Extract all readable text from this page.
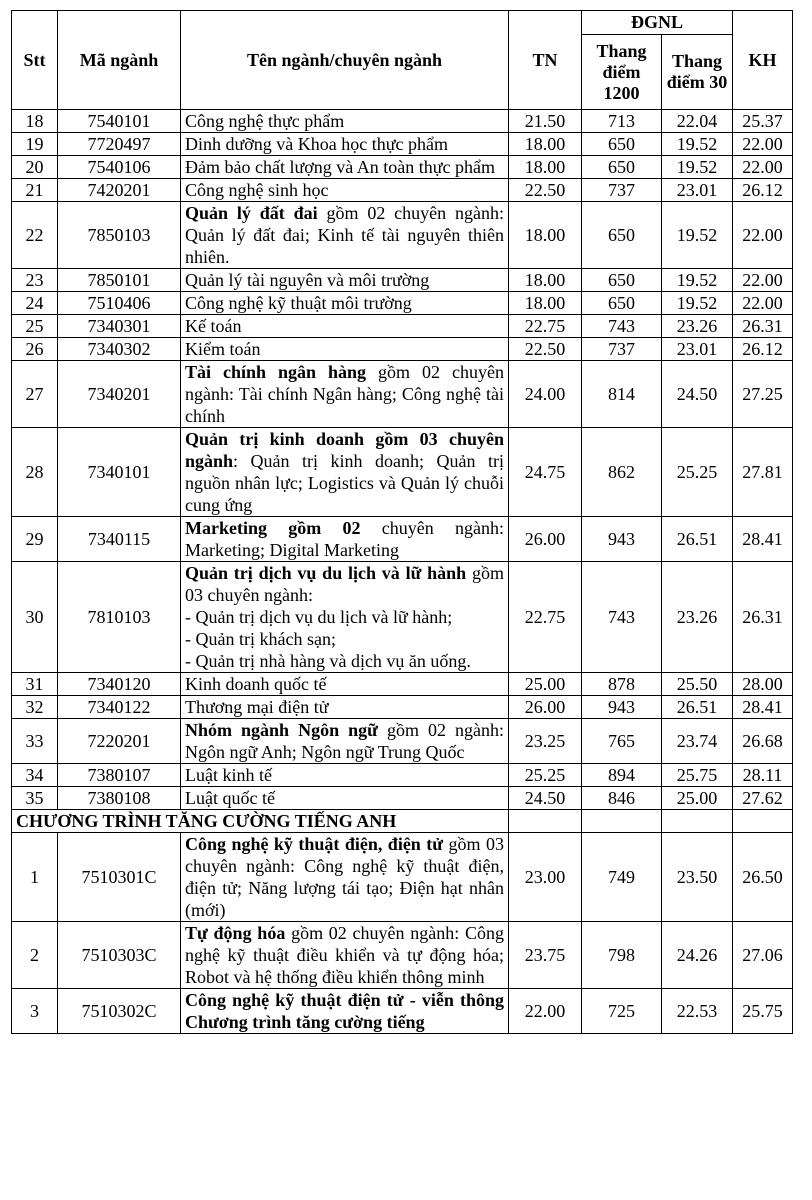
Stt	Mã ngành	Tên ngành/chuyên ngành	TN	ĐGNL		KH
				Thang điểm 1200	Thang điểm 30	
18	7540101	Công nghệ thực phẩm	21.50	713	22.04	25.37
19	7720497	Dinh dưỡng và Khoa học thực phẩm	18.00	650	19.52	22.00
20	7540106	Đảm bảo chất lượng và An toàn thực phẩm	18.00	650	19.52	22.00
21	7420201	Công nghệ sinh học	22.50	737	23.01	26.12
22	7850103	Quản lý đất đai gồm 02 chuyên ngành: Quản lý đất đai; Kinh tế tài nguyên thiên nhiên.	18.00	650	19.52	22.00
23	7850101	Quản lý tài nguyên và môi trường	18.00	650	19.52	22.00
24	7510406	Công nghệ kỹ thuật môi trường	18.00	650	19.52	22.00
25	7340301	Kế toán	22.75	743	23.26	26.31
26	7340302	Kiểm toán	22.50	737	23.01	26.12
27	7340201	Tài chính ngân hàng gồm 02 chuyên ngành: Tài chính Ngân hàng; Công nghệ tài chính	24.00	814	24.50	27.25
28	7340101	Quản trị kinh doanh gồm 03 chuyên ngành: Quản trị kinh doanh; Quản trị nguồn nhân lực; Logistics và Quản lý chuỗi cung ứng	24.75	862	25.25	27.81
29	7340115	Marketing gồm 02 chuyên ngành: Marketing; Digital Marketing	26.00	943	26.51	28.41
30	7810103	Quản trị dịch vụ du lịch và lữ hành gồm 03 chuyên ngành:
- Quản trị dịch vụ du lịch và lữ hành;
- Quản trị khách sạn;
- Quản trị nhà hàng và dịch vụ ăn uống.	22.75	743	23.26	26.31
31	7340120	Kinh doanh quốc tế	25.00	878	25.50	28.00
32	7340122	Thương mại điện tử	26.00	943	26.51	28.41
33	7220201	Nhóm ngành Ngôn ngữ gồm 02 ngành: Ngôn ngữ Anh; Ngôn ngữ Trung Quốc	23.25	765	23.74	26.68
34	7380107	Luật kinh tế	25.25	894	25.75	28.11
35	7380108	Luật quốc tế	24.50	846	25.00	27.62
CHƯƠNG TRÌNH TĂNG CƯỜNG TIẾNG ANH						
1	7510301C	Công nghệ kỹ thuật điện, điện tử gồm 03 chuyên ngành: Công nghệ kỹ thuật điện, điện tử; Năng lượng tái tạo; Điện hạt nhân (mới)	23.00	749	23.50	26.50
2	7510303C	Tự động hóa gồm 02 chuyên ngành: Công nghệ kỹ thuật điều khiển và tự động hóa; Robot và hệ thống điều khiển thông minh	23.75	798	24.26	27.06
3	7510302C	Công nghệ kỹ thuật điện tử - viễn thông Chương trình tăng cường tiếng	22.00	725	22.53	25.75
